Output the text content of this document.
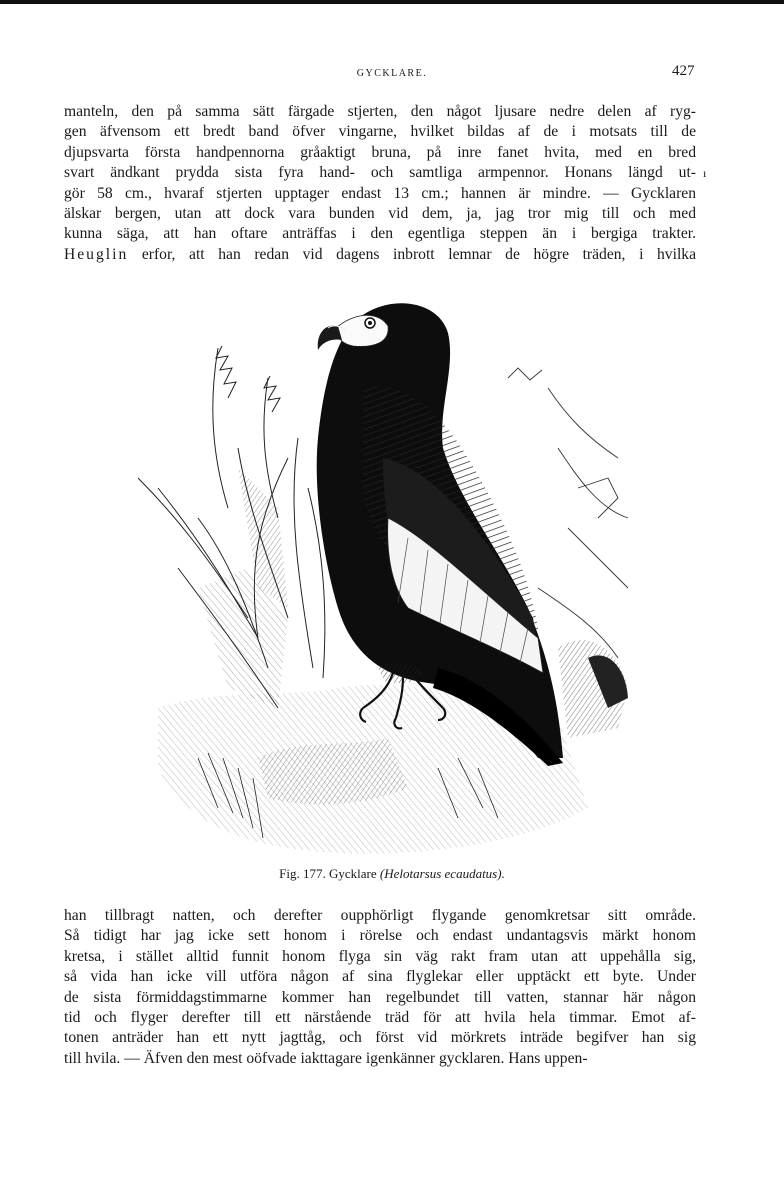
GYCKLARE.	427
manteln, den på samma sätt färgade stjerten, den något ljusare nedre delen af ryg-
gen äfvensom ett bredt band öfver vingarne, hvilket bildas af de i motsats till de
djupsvarta första handpennorna gråaktigt bruna, på inre fanet hvita, med en bred
svart ändkant prydda sista fyra hand- och samtliga armpennor. Honans längd ut-
gör 58 cm., hvaraf stjerten upptager endast 13 cm.; hannen är mindre. — Gycklaren
älskar bergen, utan att dock vara bunden vid dem, ja, jag tror mig till och med
kunna säga, att han oftare anträffas i den egentliga steppen än i bergiga trakter.
Heuglin erfor, att han redan vid dagens inbrott lemnar de högre träden, i hvilka
ı
Fig. 177. Gycklare (Helotarsus ecaudatus).
han tillbragt natten, och derefter oupphörligt flygande genomkretsar sitt område.
Så tidigt har jag icke sett honom i rörelse och endast undantagsvis märkt honom
kretsa, i stället alltid funnit honom flyga sin väg rakt fram utan att uppehålla sig,
så vida han icke vill utföra någon af sina flyglekar eller upptäckt ett byte. Under
de sista förmiddagstimmarne kommer han regelbundet till vatten, stannar här någon
tid och flyger derefter till ett närstående träd för att hvila hela timmar. Emot af-
tonen anträder han ett nytt jagttåg, och först vid mörkrets inträde begifver han sig
till hvila. — Äfven den mest oöfvade iakttagare igenkänner gycklaren. Hans uppen-
